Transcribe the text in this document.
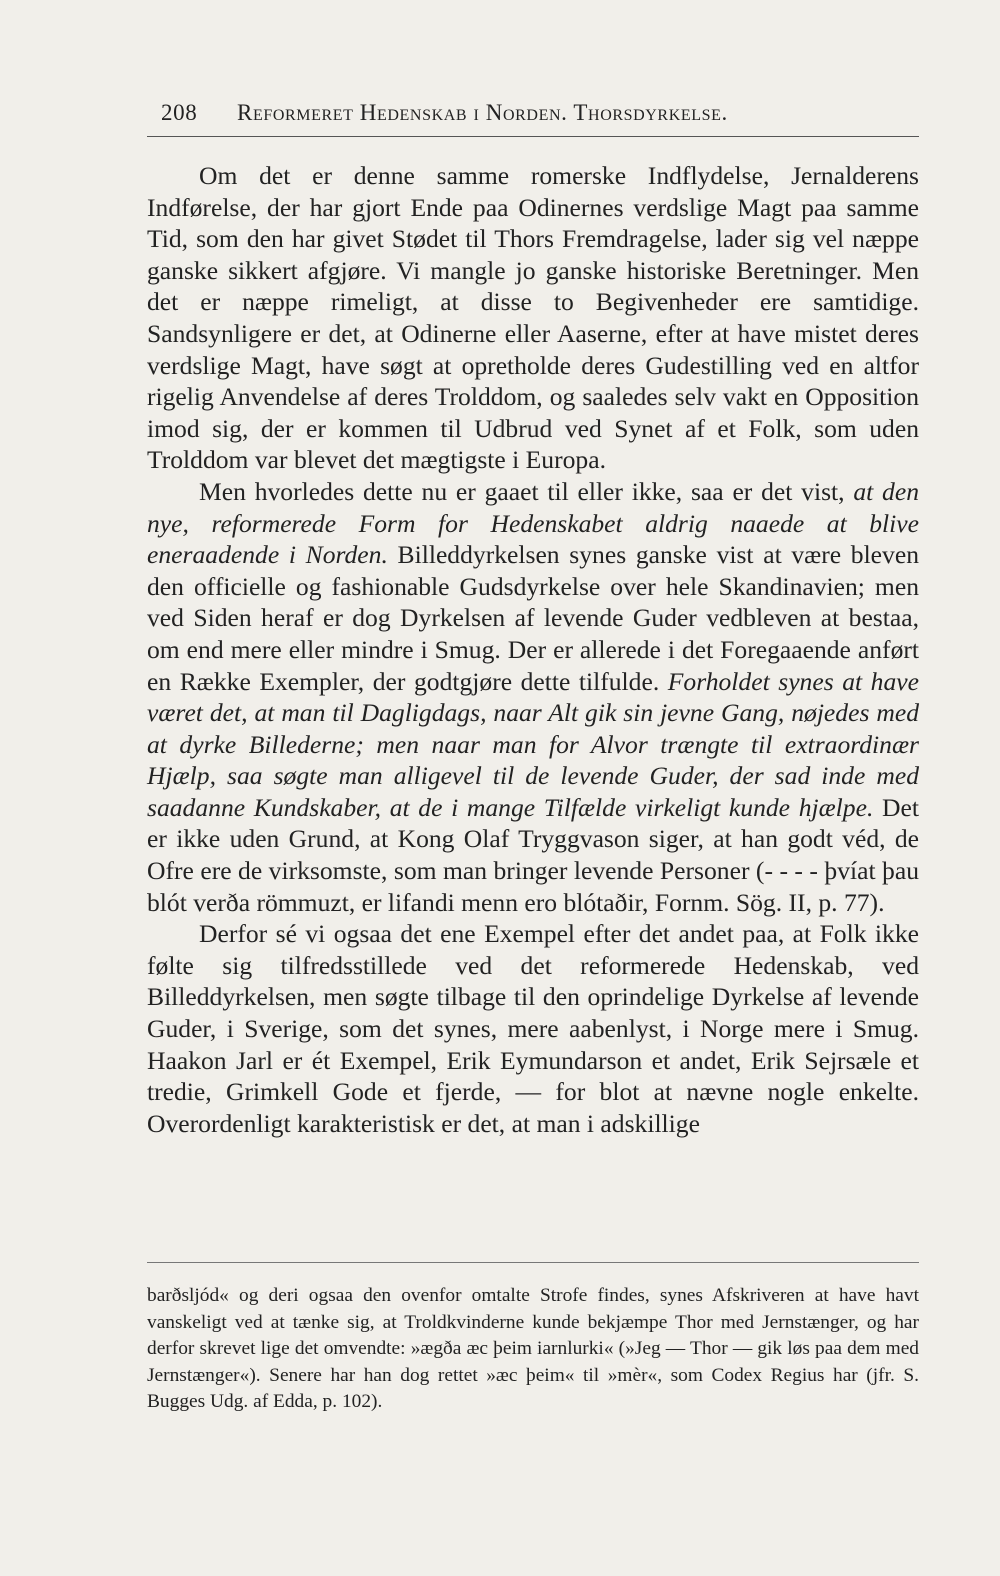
208 Reformeret Hedenskab i Norden. Thorsdyrkelse.

Om det er denne samme romerske Indflydelse, Jernalderens Indførelse, der har gjort Ende paa Odinernes verdslige Magt paa samme Tid, som den har givet Stødet til Thors Fremdragelse, lader sig vel næppe ganske sikkert afgjøre. Vi mangle jo ganske historiske Beretninger. Men det er næppe rimeligt, at disse to Begivenheder ere samtidige. Sandsynligere er det, at Odinerne eller Aaserne, efter at have mistet deres verdslige Magt, have søgt at opretholde deres Gudestilling ved en altfor rigelig Anvendelse af deres Trolddom, og saaledes selv vakt en Opposition imod sig, der er kommen til Udbrud ved Synet af et Folk, som uden Trolddom var blevet det mægtigste i Europa.

Men hvorledes dette nu er gaaet til eller ikke, saa er det vist, at den nye, reformerede Form for Hedenskabet aldrig naaede at blive eneraadende i Norden. Billeddyrkelsen synes ganske vist at være bleven den officielle og fashionable Gudsdyrkelse over hele Skandinavien; men ved Siden heraf er dog Dyrkelsen af levende Guder vedbleven at bestaa, om end mere eller mindre i Smug. Der er allerede i det Foregaaende anført en Række Exempler, der godtgjøre dette tilfulde. Forholdet synes at have været det, at man til Dagligdags, naar Alt gik sin jevne Gang, nøjedes med at dyrke Billederne; men naar man for Alvor trængte til extraordinær Hjælp, saa søgte man alligevel til de levende Guder, der sad inde med saadanne Kundskaber, at de i mange Tilfælde virkeligt kunde hjælpe. Det er ikke uden Grund, at Kong Olaf Tryggvason siger, at han godt véd, de Ofre ere de virksomste, som man bringer levende Personer (- - - - þvíat þau blót verða römmuzt, er lifandi menn ero blótaðir, Fornm. Sög. II, p. 77).

Derfor sé vi ogsaa det ene Exempel efter det andet paa, at Folk ikke følte sig tilfredsstillede ved det reformerede Hedenskab, ved Billeddyrkelsen, men søgte tilbage til den oprindelige Dyrkelse af levende Guder, i Sverige, som det synes, mere aabenlyst, i Norge mere i Smug. Haakon Jarl er ét Exempel, Erik Eymundarson et andet, Erik Sejrsæle et tredie, Grimkell Gode et fjerde, — for blot at nævne nogle enkelte. Overordenligt karakteristisk er det, at man i adskillige

barðsljód« og deri ogsaa den ovenfor omtalte Strofe findes, synes Afskriveren at have havt vanskeligt ved at tænke sig, at Troldkvinderne kunde bekjæmpe Thor med Jernstænger, og har derfor skrevet lige det omvendte: »ægða æc þeim iarnlurki« (»Jeg — Thor — gik løs paa dem med Jernstænger«). Senere har han dog rettet »æc þeim« til »mèr«, som Codex Regius har (jfr. S. Bugges Udg. af Edda, p. 102).
